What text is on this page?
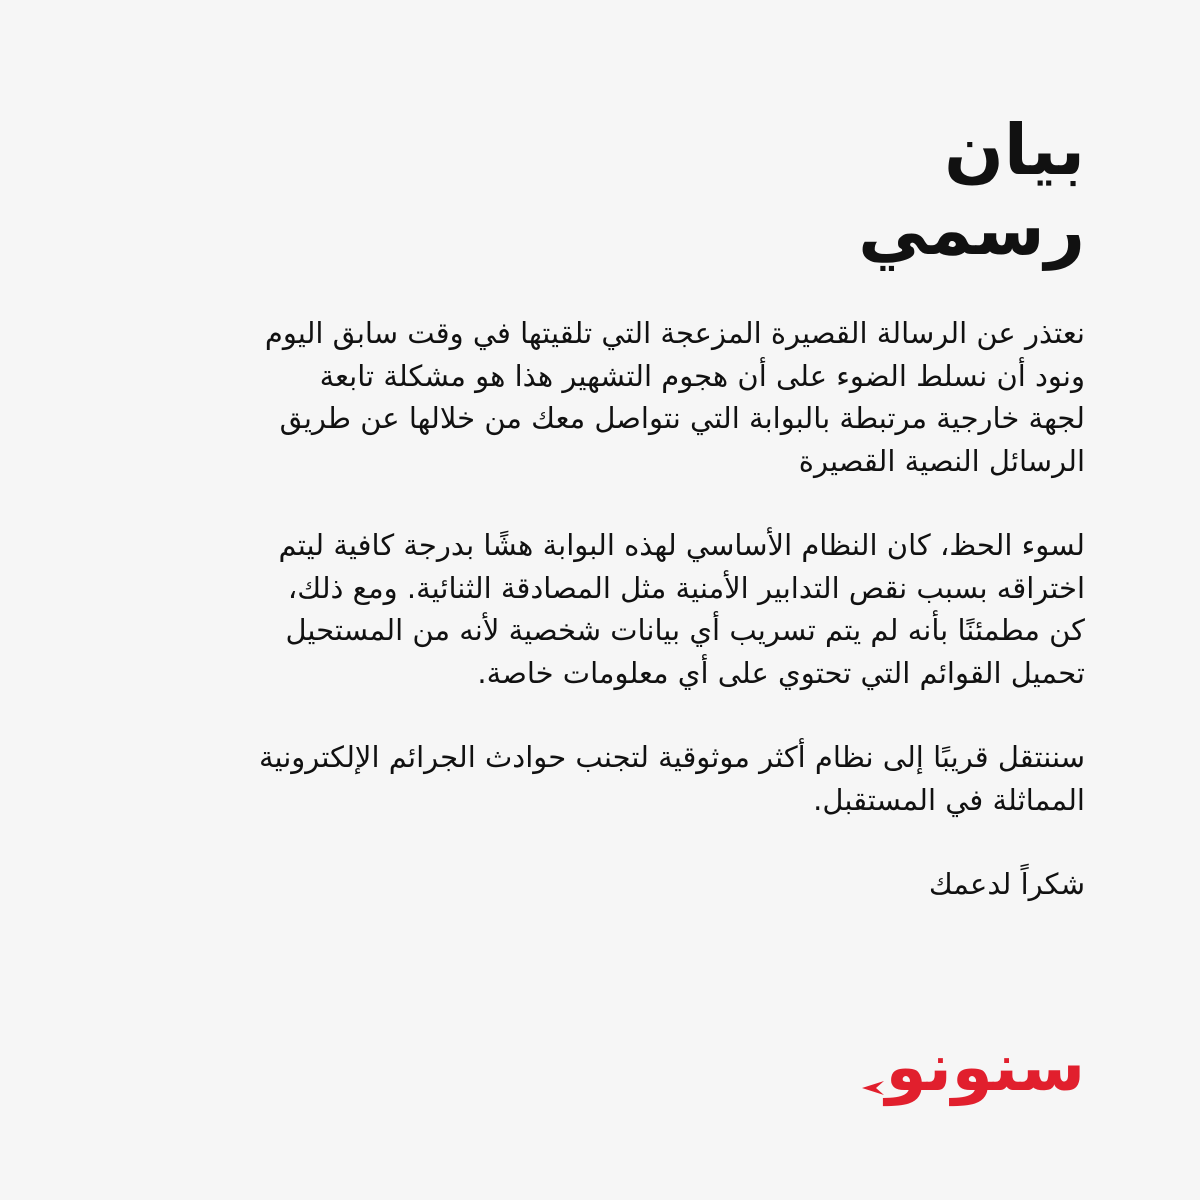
بيان
رسمي

نعتذر عن الرسالة القصيرة المزعجة التي تلقيتها في وقت سابق اليوم
ونود أن نسلط الضوء على أن هجوم التشهير هذا هو مشكلة تابعة
لجهة خارجية مرتبطة بالبوابة التي نتواصل معك من خلالها عن طريق
الرسائل النصية القصيرة

لسوء الحظ، كان النظام الأساسي لهذه البوابة هشًا بدرجة كافية ليتم
اختراقه بسبب نقص التدابير الأمنية مثل المصادقة الثنائية. ومع ذلك،
كن مطمئنًا بأنه لم يتم تسريب أي بيانات شخصية لأنه من المستحيل
تحميل القوائم التي تحتوي على أي معلومات خاصة.

سننتقل قريبًا إلى نظام أكثر موثوقية لتجنب حوادث الجرائم الإلكترونية
المماثلة في المستقبل.

شكراً لدعمك

سنونو
